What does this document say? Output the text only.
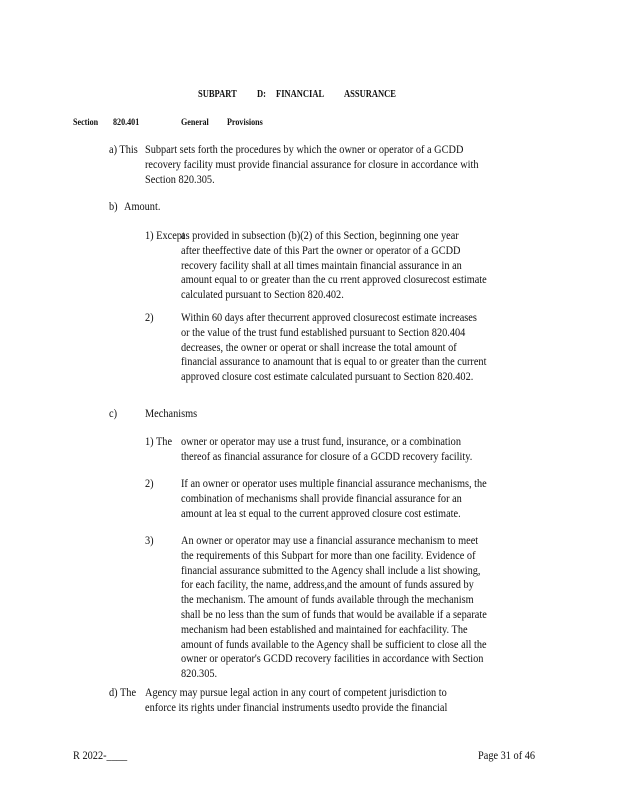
SUBPART D: FINANCIAL ASSURANCE
Section 820.401	General Provisions
a) This Subpart sets forth the procedures by which the owner or operator of a GCDD
recovery facility must provide financial assurance for closure in accordance with
Section 820.305.
b) Amount.
1) Except
as provided in subsection (b)(2) of this Section, beginning one year
after theeffective date of this Part the owner or operator of a GCDD
recovery facility shall at all times maintain financial assurance in an
amount equal to or greater than the cu rrent approved closurecost estimate
calculated pursuant to Section 820.402.
2) Within 60 days after thecurrent approved closurecost estimate increases
or the value of the trust fund established pursuant to Section 820.404
decreases, the owner or operat or shall increase the total amount of
financial assurance to anamount that is equal to or greater than the current
approved closure cost estimate calculated pursuant to Section 820.402.
c) Mechanisms
1) The owner or operator may use a trust fund, insurance, or a combination
thereof as financial assurance for closure of a GCDD recovery facility.
2) If an owner or operator uses multiple financial assurance mechanisms, the
combination of mechanisms shall provide financial assurance for an
amount at lea st equal to the current approved closure cost estimate.
3) An owner or operator may use a financial assurance mechanism to meet
the requirements of this Subpart for more than one facility. Evidence of
financial assurance submitted to the Agency shall include a list showing,
for each facility, the name, address,and the amount of funds assured by
the mechanism. The amount of funds available through the mechanism
shall be no less than the sum of funds that would be available if a separate
mechanism had been established and maintained for eachfacility. The
amount of funds available to the Agency shall be sufficient to close all the
owner or operator's GCDD recovery facilities in accordance with Section
820.305.
d) The Agency may pursue legal action in any court of competent jurisdiction to
enforce its rights under financial instruments usedto provide the financial
R 2022-____	Page 31 of 46
